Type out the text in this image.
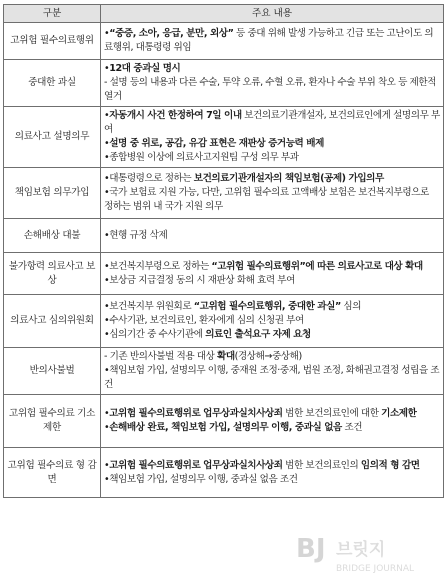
구분	주요 내용
고위험 필수의료행위	•“중증, 소아, 응급, 분만, 외상” 등 중대 위해 발생 가능하고 긴급 또는 고난이도 의료행위, 대통령령 위임

중대한 과실	•12대 중과실 명시
- 설명 등의 내용과 다른 수술, 투약 오류, 수혈 오류, 환자나 수술 부위 착오 등 제한적 열거

의료사고 설명의무	•자동개시 사건 한정하여 7일 이내 보건의료기관개설자, 보건의료인에게 설명의무 부여
•설명 중 위로, 공감, 유감 표현은 재판상 증거능력 배제
•종합병원 이상에 의료사고지원팀 구성 의무 부과

책임보험 의무가입	•대통령령으로 정하는 보건의료기관개설자의 책임보험(공제) 가입의무
•국가 보험료 지원 가능, 다만, 고위험 필수의료 고액배상 보험은 보건복지부령으로 정하는 범위 내 국가 지원 의무

손해배상 대불	•현행 규정 삭제

불가항력 의료사고 보상	•보건복지부령으로 정하는 “고위험 필수의료행위”에 따른 의료사고로 대상 확대
•보상금 지급결정 동의 시 재판상 화해 효력 부여

의료사고 심의위원회	•보건복지부 위원회로 “고위험 필수의료행위, 중대한 과실” 심의
•수사기관, 보건의료인, 환자에게 심의 신청권 부여
•심의기간 중 수사기관에 의료인 출석요구 자제 요청

반의사불벌	- 기존 반의사불벌 적용 대상 확대(경상해→중상해)
•책임보험 가입, 설명의무 이행, 중재원 조정·중재, 법원 조정, 화해권고결정 성립을 조건

고위험 필수의료 기소제한	•고위험 필수의료행위로 업무상과실치사상죄 범한 보건의료인에 대한 기소제한
•손해배상 완료, 책임보험 가입, 설명의무 이행, 중과실 없음 조건

고위험 필수의료 형 감면	•고위험 필수의료행위로 업무상과실치사상죄 범한 보건의료인의 임의적 형 감면
•책임보험 가입, 설명의무 이행, 중과실 없음 조건
BJ 브릿지
BRIDGE JOURNAL
